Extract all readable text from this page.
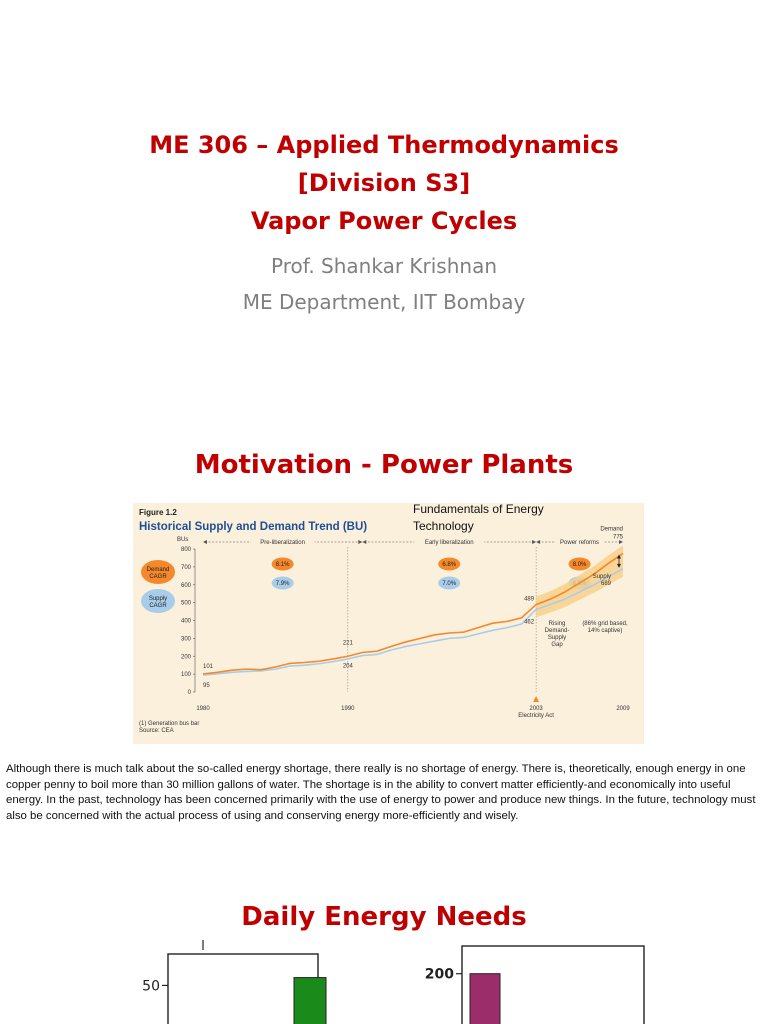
ME 306 – Applied Thermodynamics
[Division S3]
Vapor Power Cycles
Prof. Shankar Krishnan
ME Department, IIT Bombay
Motivation - Power Plants
Figure 1.2
Historical Supply and Demand Trend (BU)
BUs	Pre-liberalization
8.1%
7.9%
Early liberalization
6.8%
7.0%
Power reforms
8.0%
Demand
CAGR
Supply
CAGR
0
100
200
300
400
500
600
700
800
1980	1990	2003	2009
101
95
221
204
489
462
Demand
775
Supply
689
Rising Demand-Supply Gap
(86% grid based, 14% captive)
Electricity Act
(1) Generation bus bar
Source: CEA
Fundamentals of Energy Technology

Although there is much talk about the so-called energy shortage, there really is no shortage of energy. There is, theoretically, enough energy in one copper penny to boil more than 30 million gallons of water. The shortage is in the ability to convert matter efficiently-and economically into useful energy. In the past, technology has been concerned primarily with the use of energy to power and produce new things. In the future, technology must also be concerned with the actual process of using and conserving energy more-efficiently and wisely.

Daily Energy Needs
50
200
